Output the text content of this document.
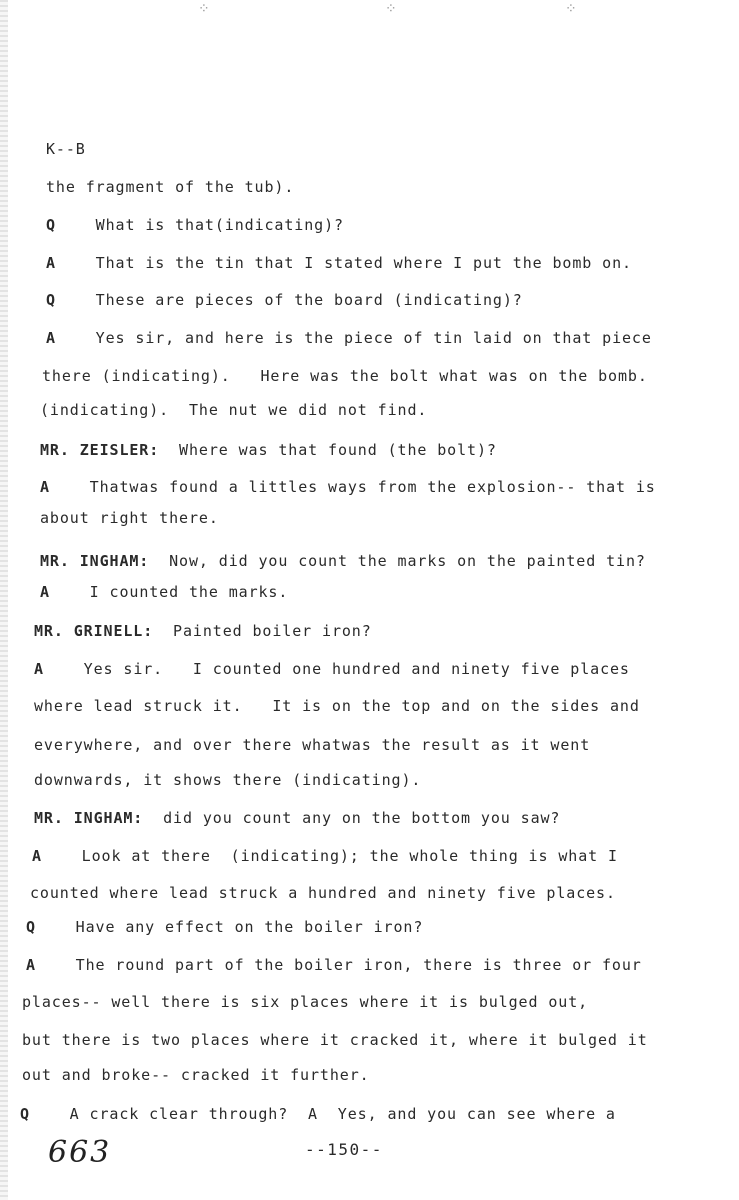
⁘	⁘	⁘
K--B
the fragment of the tub).
Q	What is that(indicating)?
A	That is the tin that I stated where I put the bomb on.
Q	These are pieces of the board (indicating)?
A	Yes sir, and here is the piece of tin laid on that piece
there (indicating).   Here was the bolt what was on the bomb.
(indicating).  The nut we did not find.
MR. ZEISLER: Where was that found (the bolt)?
A	Thatwas found a littles ways from the explosion-- that is
about right there.
MR. INGHAM: Now, did you count the marks on the painted tin?
A	I counted the marks.
MR. GRINELL: Painted boiler iron?
A	Yes sir.   I counted one hundred and ninety five places
where lead struck it.   It is on the top and on the sides and
everywhere, and over there whatwas the result as it went
downwards, it shows there (indicating).
MR. INGHAM: did you count any on the bottom you saw?
A	Look at there  (indicating); the whole thing is what I
counted where lead struck a hundred and ninety five places.
Q	Have any effect on the boiler iron?
A	The round part of the boiler iron, there is three or four
places-- well there is six places where it is bulged out,
but there is two places where it cracked it, where it bulged it
out and broke-- cracked it further.
Q	A crack clear through?  A  Yes, and you can see where a
663	--150--
